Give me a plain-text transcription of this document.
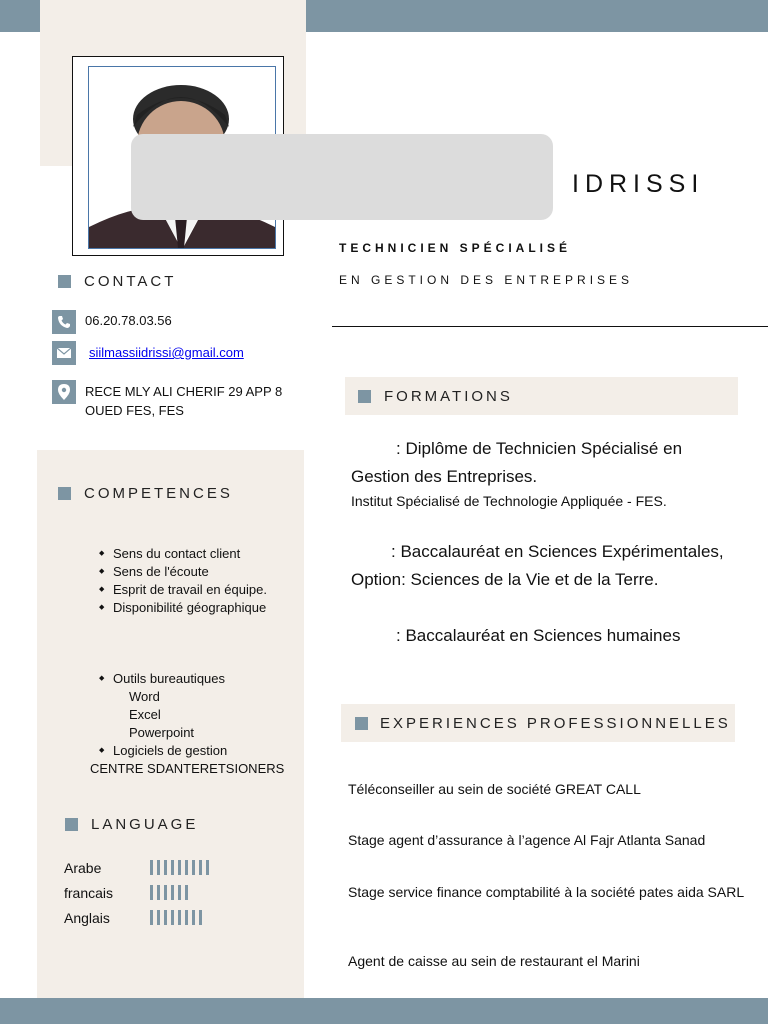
IDRISSI
TECHNICIEN SPÉCIALISÉ
EN GESTION DES ENTREPRISES
CONTACT
06.20.78.03.56
siilmassiidrissi@gmail.com
RECE MLY ALI CHERIF 29 APP 8
OUED FES, FES
COMPETENCES
◆ Sens du contact client
◆ Sens de l'écoute
◆ Esprit de travail en équipe.
◆ Disponibilité géographique
◆ Outils bureautiques
Word
Excel
Powerpoint
◆ Logiciels de gestion
CENTRE SDANTERETSIONERS
LANGUAGE
Arabe
francais
Anglais
FORMATIONS
: Diplôme de Technicien Spécialisé en
Gestion des Entreprises.
Institut Spécialisé de Technologie Appliquée - FES.
: Baccalauréat en Sciences Expérimentales,
Option: Sciences de la Vie et de la Terre.
: Baccalauréat en Sciences humaines
EXPERIENCES PROFESSIONNELLES
Téléconseiller au sein de société GREAT CALL
Stage agent d’assurance à l’agence Al Fajr Atlanta Sanad
Stage service finance comptabilité à la société pates aida SARL
Agent de caisse au sein de restaurant el Marini
